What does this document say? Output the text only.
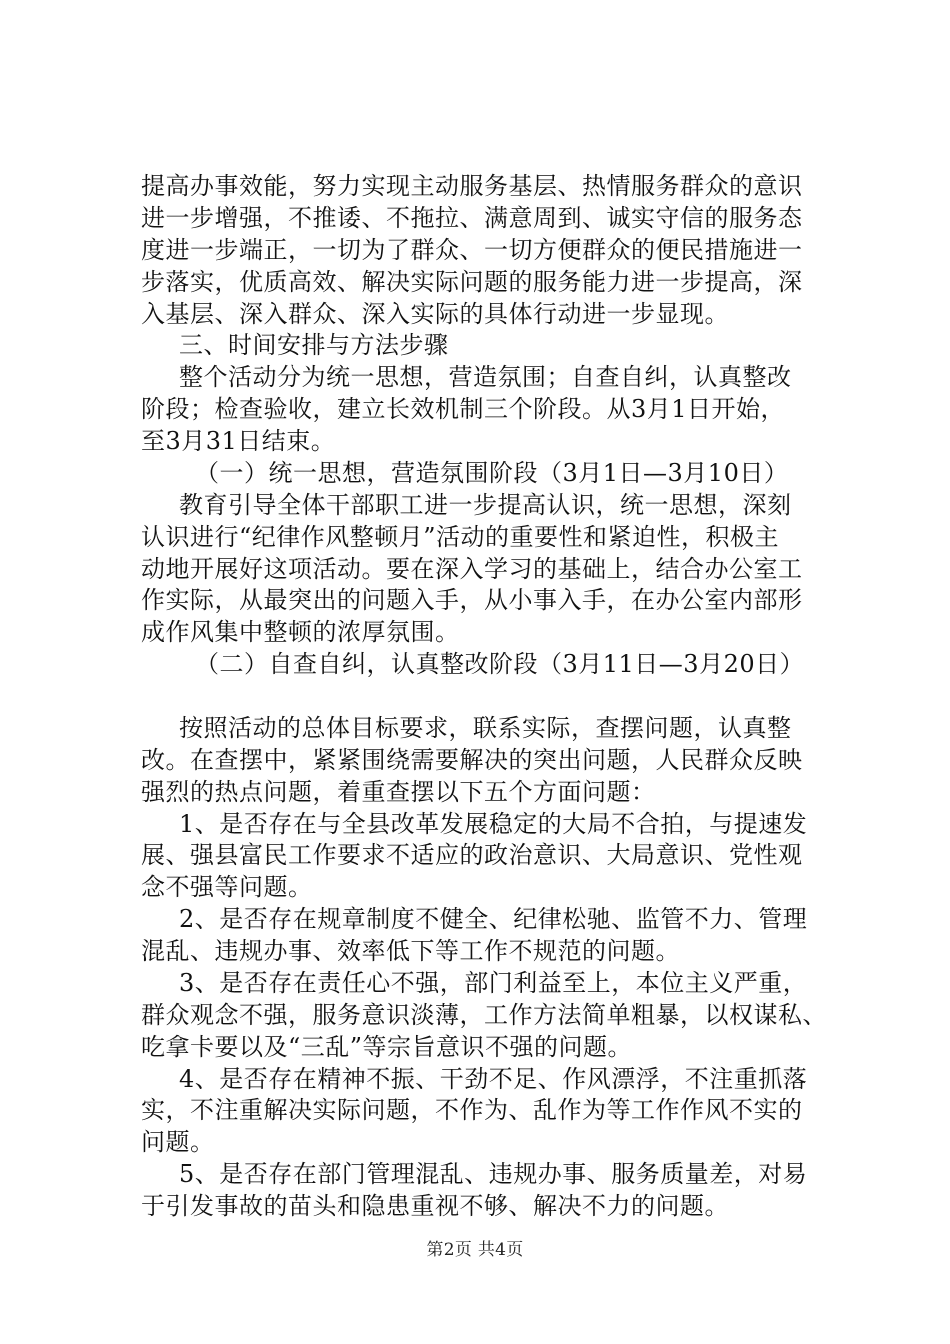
提高办事效能，努力实现主动服务基层、热情服务群众的意识
进一步增强，不推诿、不拖拉、满意周到、诚实守信的服务态
度进一步端正，一切为了群众、一切方便群众的便民措施进一
步落实，优质高效、解决实际问题的服务能力进一步提高，深
入基层、深入群众、深入实际的具体行动进一步显现。
三、时间安排与方法步骤
整个活动分为统一思想，营造氛围；自查自纠，认真整改
阶段；检查验收，建立长效机制三个阶段。从3月1日开始，
至3月31日结束。
（一）统一思想，营造氛围阶段（3月1日—3月10日）
教育引导全体干部职工进一步提高认识，统一思想，深刻
认识进行“纪律作风整顿月”活动的重要性和紧迫性，积极主
动地开展好这项活动。要在深入学习的基础上，结合办公室工
作实际，从最突出的问题入手，从小事入手，在办公室内部形
成作风集中整顿的浓厚氛围。
（二）自查自纠，认真整改阶段（3月11日—3月20日）
按照活动的总体目标要求，联系实际，查摆问题，认真整
改。在查摆中，紧紧围绕需要解决的突出问题，人民群众反映
强烈的热点问题，着重查摆以下五个方面问题：
1、是否存在与全县改革发展稳定的大局不合拍，与提速发
展、强县富民工作要求不适应的政治意识、大局意识、党性观
念不强等问题。
2、是否存在规章制度不健全、纪律松驰、监管不力、管理
混乱、违规办事、效率低下等工作不规范的问题。
3、是否存在责任心不强，部门利益至上，本位主义严重，
群众观念不强，服务意识淡薄，工作方法简单粗暴，以权谋私、
吃拿卡要以及“三乱”等宗旨意识不强的问题。
4、是否存在精神不振、干劲不足、作风漂浮，不注重抓落
实，不注重解决实际问题，不作为、乱作为等工作作风不实的
问题。
5、是否存在部门管理混乱、违规办事、服务质量差，对易
于引发事故的苗头和隐患重视不够、解决不力的问题。
第2页 共4页
